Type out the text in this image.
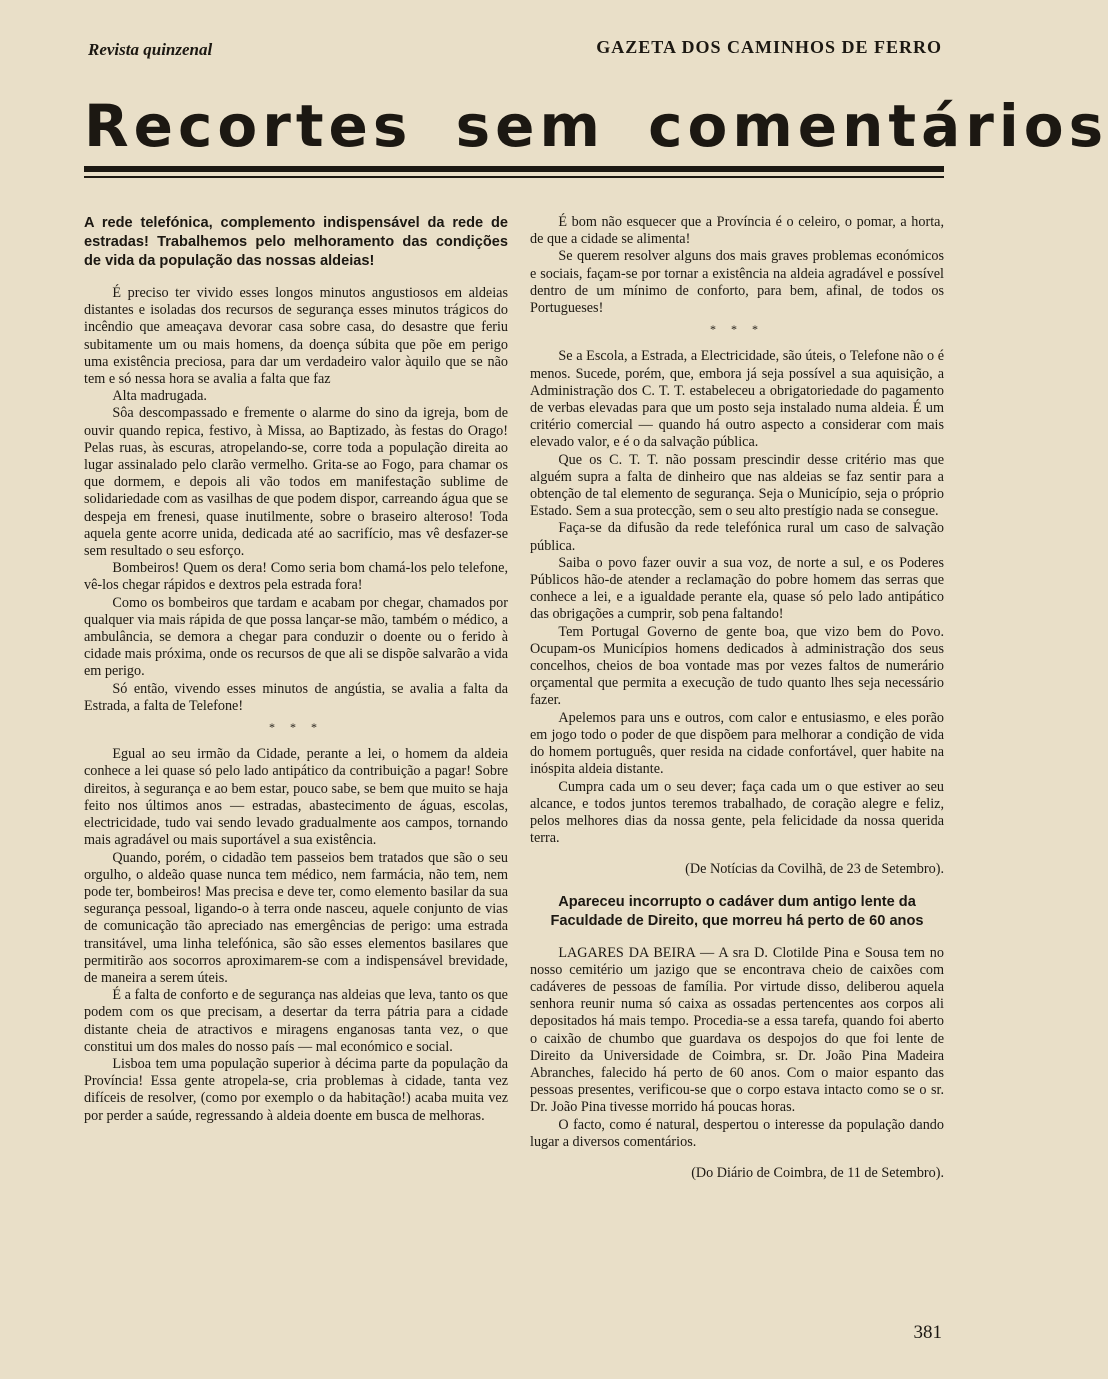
Revista quinzenal	GAZETA DOS CAMINHOS DE FERRO
Recortes sem comentários

A rede telefónica, complemento indispensável da rede de estradas! Trabalhemos pelo melhoramento das condições de vida da população das nossas aldeias!

É preciso ter vivido esses longos minutos angustiosos em aldeias distantes e isoladas dos recursos de segurança esses minutos trágicos do incêndio que ameaçava devorar casa sobre casa, do desastre que feriu subitamente um ou mais homens, da doença súbita que põe em perigo uma existência preciosa, para dar um verdadeiro valor àquilo que se não tem e só nessa hora se avalia a falta que faz

Alta madrugada.

Sôa descompassado e fremente o alarme do sino da igreja, bom de ouvir quando repica, festivo, à Missa, ao Baptizado, às festas do Orago! Pelas ruas, às escuras, atropelando-se, corre toda a população direita ao lugar assinalado pelo clarão vermelho. Grita-se ao Fogo, para chamar os que dormem, e depois ali vão todos em manifestação sublime de solidariedade com as vasilhas de que podem dispor, carreando água que se despeja em frenesi, quase inutilmente, sobre o braseiro alteroso! Toda aquela gente acorre unida, dedicada até ao sacrifício, mas vê desfazer-se sem resultado o seu esforço.

Bombeiros! Quem os dera! Como seria bom chamá-los pelo telefone, vê-los chegar rápidos e dextros pela estrada fora!

Como os bombeiros que tardam e acabam por chegar, chamados por qualquer via mais rápida de que possa lançar-se mão, também o médico, a ambulância, se demora a chegar para conduzir o doente ou o ferido à cidade mais próxima, onde os recursos de que ali se dispõe salvarão a vida em perigo.

Só então, vivendo esses minutos de angústia, se avalia a falta da Estrada, a falta de Telefone!

* * *

Egual ao seu irmão da Cidade, perante a lei, o homem da aldeia conhece a lei quase só pelo lado antipático da contribuição a pagar! Sobre direitos, à segurança e ao bem estar, pouco sabe, se bem que muito se haja feito nos últimos anos — estradas, abastecimento de águas, escolas, electricidade, tudo vai sendo levado gradualmente aos campos, tornando mais agradável ou mais suportável a sua existência.

Quando, porém, o cidadão tem passeios bem tratados que são o seu orgulho, o aldeão quase nunca tem médico, nem farmácia, não tem, nem pode ter, bombeiros! Mas precisa e deve ter, como elemento basilar da sua segurança pessoal, ligando-o à terra onde nasceu, aquele conjunto de vias de comunicação tão apreciado nas emergências de perigo: uma estrada transitável, uma linha telefónica, são são esses elementos basilares que permitirão aos socorros aproximarem-se com a indispensável brevidade, de maneira a serem úteis.

É a falta de conforto e de segurança nas aldeias que leva, tanto os que podem com os que precisam, a desertar da terra pátria para a cidade distante cheia de atractivos e miragens enganosas tanta vez, o que constitui um dos males do nosso país — mal económico e social.

Lisboa tem uma população superior à décima parte da população da Província! Essa gente atropela-se, cria problemas à cidade, tanta vez difíceis de resolver, (como por exemplo o da habitação!) acaba muita vez por perder a saúde, regressando à aldeia doente em busca de melhoras.

É bom não esquecer que a Província é o celeiro, o pomar, a horta, de que a cidade se alimenta!

Se querem resolver alguns dos mais graves problemas económicos e sociais, façam-se por tornar a existência na aldeia agradável e possível dentro de um mínimo de conforto, para bem, afinal, de todos os Portugueses!

* * *

Se a Escola, a Estrada, a Electricidade, são úteis, o Telefone não o é menos. Sucede, porém, que, embora já seja possível a sua aquisição, a Administração dos C. T. T. estabeleceu a obrigatoriedade do pagamento de verbas elevadas para que um posto seja instalado numa aldeia. É um critério comercial — quando há outro aspecto a considerar com mais elevado valor, e é o da salvação pública.

Que os C. T. T. não possam prescindir desse critério mas que alguém supra a falta de dinheiro que nas aldeias se faz sentir para a obtenção de tal elemento de segurança. Seja o Município, seja o próprio Estado. Sem a sua protecção, sem o seu alto prestígio nada se consegue.

Faça-se da difusão da rede telefónica rural um caso de salvação pública.

Saiba o povo fazer ouvir a sua voz, de norte a sul, e os Poderes Públicos hão-de atender a reclamação do pobre homem das serras que conhece a lei, e a igualdade perante ela, quase só pelo lado antipático das obrigações a cumprir, sob pena faltando!

Tem Portugal Governo de gente boa, que vizo bem do Povo. Ocupam-os Municípios homens dedicados à administração dos seus concelhos, cheios de boa vontade mas por vezes faltos de numerário orçamental que permita a execução de tudo quanto lhes seja necessário fazer.

Apelemos para uns e outros, com calor e entusiasmo, e eles porão em jogo todo o poder de que dispõem para melhorar a condição de vida do homem português, quer resida na cidade confortável, quer habite na inóspita aldeia distante.

Cumpra cada um o seu dever; faça cada um o que estiver ao seu alcance, e todos juntos teremos trabalhado, de coração alegre e feliz, pelos melhores dias da nossa gente, pela felicidade da nossa querida terra.

(De Notícias da Covilhã, de 23 de Setembro).

Apareceu incorrupto o cadáver dum antigo lente da Faculdade de Direito, que morreu há perto de 60 anos

LAGARES DA BEIRA — A sra D. Clotilde Pina e Sousa tem no nosso cemitério um jazigo que se encontrava cheio de caixões com cadáveres de pessoas de família. Por virtude disso, deliberou aquela senhora reunir numa só caixa as ossadas pertencentes aos corpos ali depositados há mais tempo. Procedia-se a essa tarefa, quando foi aberto o caixão de chumbo que guardava os despojos do que foi lente de Direito da Universidade de Coimbra, sr. Dr. João Pina Madeira Abranches, falecido há perto de 60 anos. Com o maior espanto das pessoas presentes, verificou-se que o corpo estava intacto como se o sr. Dr. João Pina tivesse morrido há poucas horas.

O facto, como é natural, despertou o interesse da população dando lugar a diversos comentários.

(Do Diário de Coimbra, de 11 de Setembro).

381
